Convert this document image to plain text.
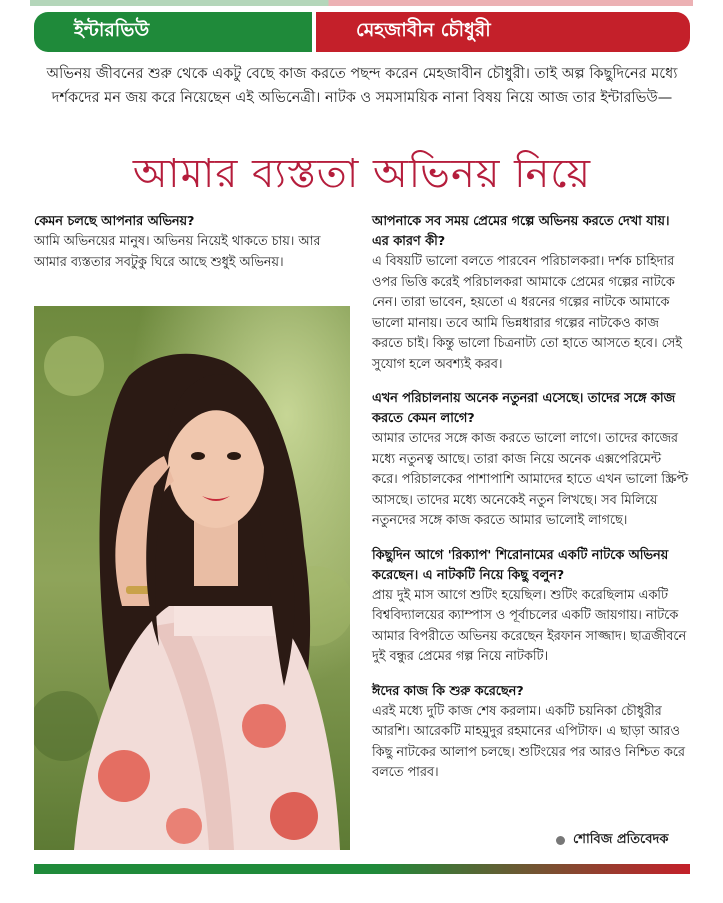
ইন্টারভিউ	মেহজাবীন চৌধুরী

অভিনয় জীবনের শুরু থেকে একটু বেছে কাজ করতে পছন্দ করেন মেহজাবীন চৌধুরী। তাই অল্প কিছুদিনের মধ্যে দর্শকদের মন জয় করে নিয়েছেন এই অভিনেত্রী। নাটক ও সমসাময়িক নানা বিষয় নিয়ে আজ তার ইন্টারভিউ—

আমার ব্যস্ততা অভিনয় নিয়ে

কেমন চলছে আপনার অভিনয়?

আমি অভিনয়ের মানুষ। অভিনয় নিয়েই থাকতে চায়। আর আমার ব্যস্ততার সবটুকু ঘিরে আছে শুধুই অভিনয়।

আপনাকে সব সময় প্রেমের গল্পে অভিনয় করতে দেখা যায়। এর কারণ কী?

এ বিষয়টি ভালো বলতে পারবেন পরিচালকরা। দর্শক চাহিদার ওপর ভিত্তি করেই পরিচালকরা আমাকে প্রেমের গল্পের নাটকে নেন। তারা ভাবেন, হয়তো এ ধরনের গল্পের নাটকে আমাকে ভালো মানায়। তবে আমি ভিন্নধারার গল্পের নাটকেও কাজ করতে চাই। কিন্তু ভালো চিত্রনাট্য তো হাতে আসতে হবে। সেই সুযোগ হলে অবশ্যই করব।

এখন পরিচালনায় অনেক নতুনরা এসেছে। তাদের সঙ্গে কাজ করতে কেমন লাগে?

আমার তাদের সঙ্গে কাজ করতে ভালো লাগে। তাদের কাজের মধ্যে নতুনত্ব আছে। তারা কাজ নিয়ে অনেক এক্সপেরিমেন্ট করে। পরিচালকের পাশাপাশি আমাদের হাতে এখন ভালো স্ক্রিপ্ট আসছে। তাদের মধ্যে অনেকেই নতুন লিখছে। সব মিলিয়ে নতুনদের সঙ্গে কাজ করতে আমার ভালোই লাগছে।

কিছুদিন আগে 'রিক্যাপ' শিরোনামের একটি নাটকে অভিনয় করেছেন। এ নাটকটি নিয়ে কিছু বলুন?

প্রায় দুই মাস আগে শুটিং হয়েছিল। শুটিং করেছিলাম একটি বিশ্ববিদ্যালয়ের ক্যাম্পাস ও পূর্বাচলের একটি জায়গায়। নাটকে আমার বিপরীতে অভিনয় করেছেন ইরফান সাজ্জাদ। ছাত্রজীবনে দুই বন্ধুর প্রেমের গল্প নিয়ে নাটকটি।

ঈদের কাজ কি শুরু করেছেন?

এরই মধ্যে দুটি কাজ শেষ করলাম। একটি চয়নিকা চৌধুরীর আরশি। আরেকটি মাহমুদুর রহমানের এপিটাফ। এ ছাড়া আরও কিছু নাটকের আলাপ চলছে। শুটিংয়ের পর আরও নিশ্চিত করে বলতে পারব।

শোবিজ প্রতিবেদক
